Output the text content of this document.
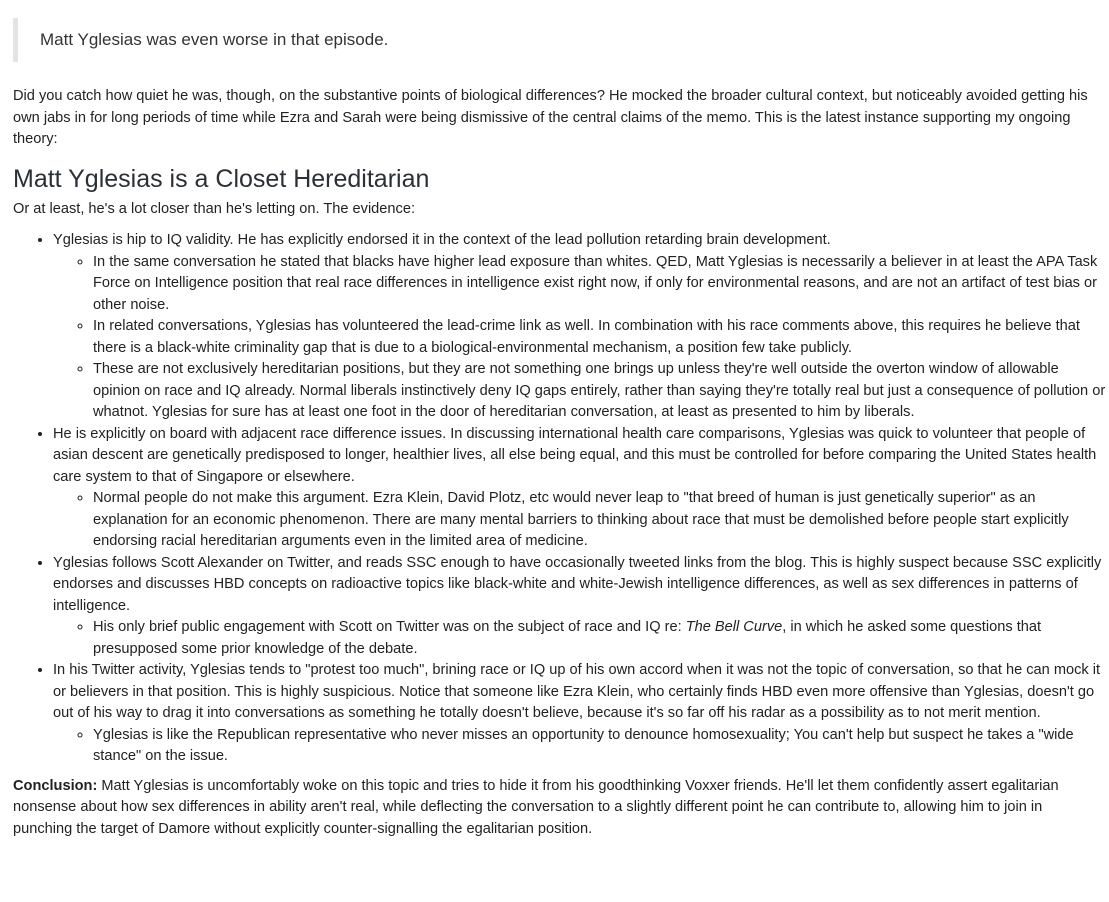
Matt Yglesias was even worse in that episode.

Did you catch how quiet he was, though, on the substantive points of biological differences? He mocked the broader cultural context, but noticeably avoided getting his own jabs in for long periods of time while Ezra and Sarah were being dismissive of the central claims of the memo. This is the latest instance supporting my ongoing theory:

Matt Yglesias is a Closet Hereditarian

Or at least, he's a lot closer than he's letting on. The evidence:

• Yglesias is hip to IQ validity. He has explicitly endorsed it in the context of the lead pollution retarding brain development.
◦ In the same conversation he stated that blacks have higher lead exposure than whites. QED, Matt Yglesias is necessarily a believer in at least the APA Task Force on Intelligence position that real race differences in intelligence exist right now, if only for environmental reasons, and are not an artifact of test bias or other noise.
◦ In related conversations, Yglesias has volunteered the lead-crime link as well. In combination with his race comments above, this requires he believe that there is a black-white criminality gap that is due to a biological-environmental mechanism, a position few take publicly.
◦ These are not exclusively hereditarian positions, but they are not something one brings up unless they're well outside the overton window of allowable opinion on race and IQ already. Normal liberals instinctively deny IQ gaps entirely, rather than saying they're totally real but just a consequence of pollution or whatnot. Yglesias for sure has at least one foot in the door of hereditarian conversation, at least as presented to him by liberals.
• He is explicitly on board with adjacent race difference issues. In discussing international health care comparisons, Yglesias was quick to volunteer that people of asian descent are genetically predisposed to longer, healthier lives, all else being equal, and this must be controlled for before comparing the United States health care system to that of Singapore or elsewhere.
◦ Normal people do not make this argument. Ezra Klein, David Plotz, etc would never leap to "that breed of human is just genetically superior" as an explanation for an economic phenomenon. There are many mental barriers to thinking about race that must be demolished before people start explicitly endorsing racial hereditarian arguments even in the limited area of medicine.
• Yglesias follows Scott Alexander on Twitter, and reads SSC enough to have occasionally tweeted links from the blog. This is highly suspect because SSC explicitly endorses and discusses HBD concepts on radioactive topics like black-white and white-Jewish intelligence differences, as well as sex differences in patterns of intelligence.
◦ His only brief public engagement with Scott on Twitter was on the subject of race and IQ re: The Bell Curve, in which he asked some questions that presupposed some prior knowledge of the debate.
• In his Twitter activity, Yglesias tends to "protest too much", brining race or IQ up of his own accord when it was not the topic of conversation, so that he can mock it or believers in that position. This is highly suspicious. Notice that someone like Ezra Klein, who certainly finds HBD even more offensive than Yglesias, doesn't go out of his way to drag it into conversations as something he totally doesn't believe, because it's so far off his radar as a possibility as to not merit mention.
◦ Yglesias is like the Republican representative who never misses an opportunity to denounce homosexuality; You can't help but suspect he takes a "wide stance" on the issue.

Conclusion: Matt Yglesias is uncomfortably woke on this topic and tries to hide it from his goodthinking Voxxer friends. He'll let them confidently assert egalitarian nonsense about how sex differences in ability aren't real, while deflecting the conversation to a slightly different point he can contribute to, allowing him to join in punching the target of Damore without explicitly counter-signalling the egalitarian position.
